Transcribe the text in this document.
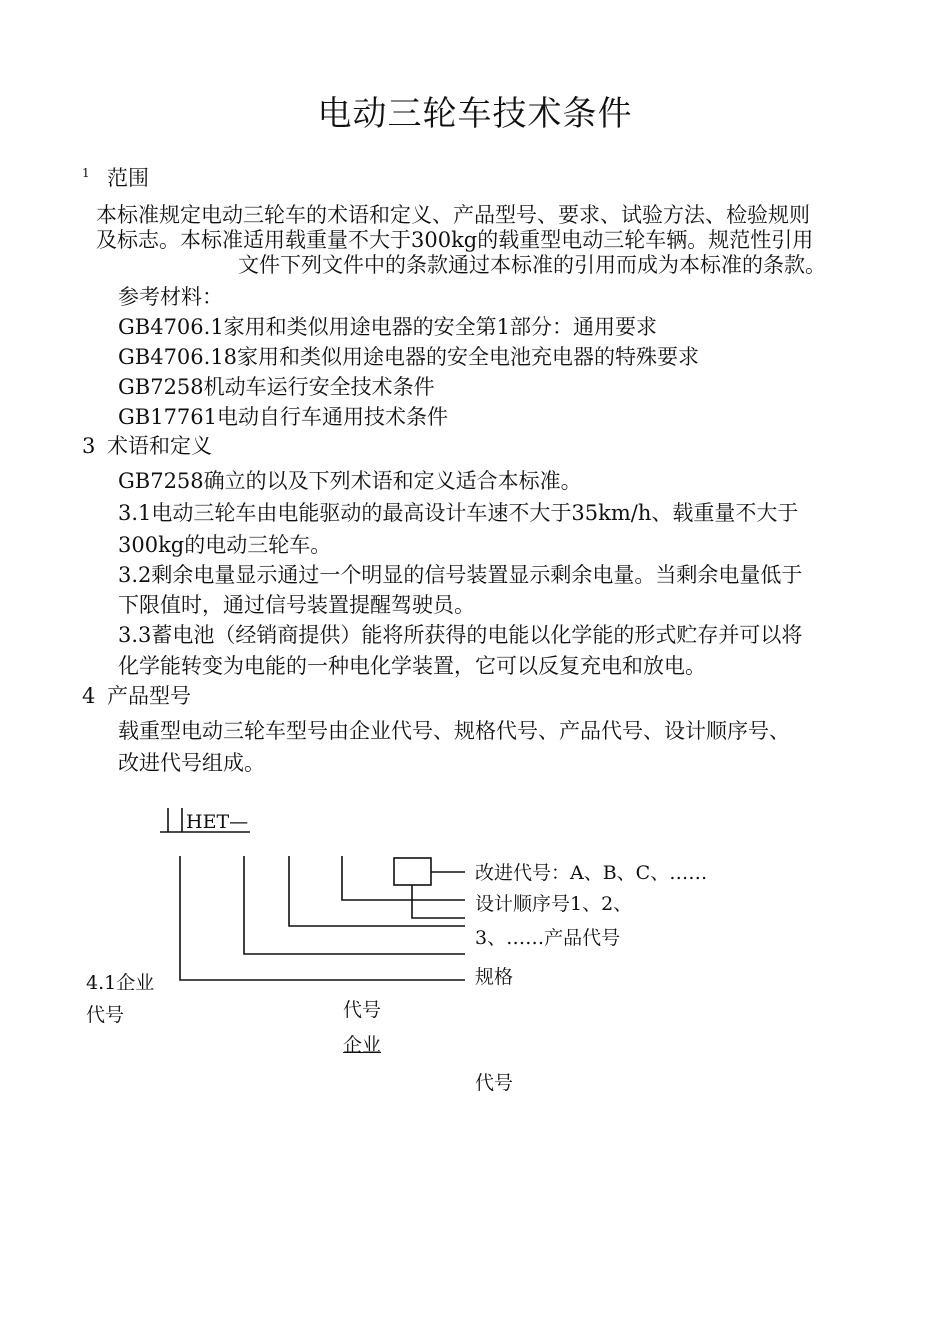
电动三轮车技术条件
1 范围
本标准规定电动三轮车的术语和定义、产品型号、要求、试验方法、检验规则
及标志。本标准适用载重量不大于300kg的载重型电动三轮车辆。规范性引用
文件下列文件中的条款通过本标准的引用而成为本标准的条款。
参考材料：
GB4706.1家用和类似用途电器的安全第1部分：通用要求
GB4706.18家用和类似用途电器的安全电池充电器的特殊要求
GB7258机动车运行安全技术条件
GB17761电动自行车通用技术条件
3 术语和定义
GB7258确立的以及下列术语和定义适合本标准。
3.1电动三轮车由电能驱动的最高设计车速不大于35km/h、载重量不大于
300kg的电动三轮车。
3.2剩余电量显示通过一个明显的信号装置显示剩余电量。当剩余电量低于
下限值时，通过信号装置提醒驾驶员。
3.3蓄电池（经销商提供）能将所获得的电能以化学能的形式贮存并可以将
化学能转变为电能的一种电化学装置，它可以反复充电和放电。
4 产品型号
载重型电动三轮车型号由企业代号、规格代号、产品代号、设计顺序号、
改进代号组成。
HET—
改进代号：A、B、C、……
设计顺序号1、2、
3、……产品代号
规格
4.1企业
代号	代号
企业
代号
